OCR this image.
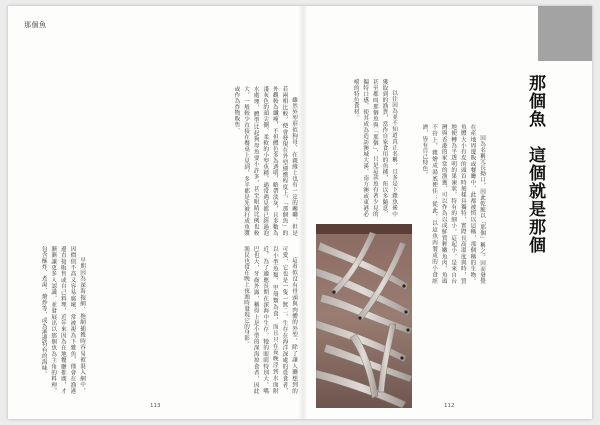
那個魚

雖然外型形似狗母，在親緣上也有一定的關聯，但是若兩相比較，便會發現在外型細緻程度上，「那個魚」的外觀較為纖瘦，不但體色多為透明、略帶淡灰，且多數為淺灰色的頭尖側、柔軟的小型魚種，通常遇見都已經過泡水處理，體型比起狗母魚要小許多，甚至眼睛比例也較大，一般較少直接在餐桌上見到，多半都是先被打成魚漿或作為炸物販售。

這看似沒有骨頭與肉體的外型，除了讓人聯想到的可愛，它也是一隻一無二、生存在海洋深處的覓食者，以小型魚類、甲殼類為食，而且只在夜晚浮到水面附近，為了適應長期在深海中生存，牠的眼睛特別大，嘴巴也大，牙齒外露，稱得上是小型的深海掠食者，因此漁民也常在晚上夜漁時發現它的身影。

早期因為深海拖網、拖網捕獲時容易被混入網中，因價值不高又容易腐壞，常被視為下雜魚，僅會在漁港邊直接販售或自己料理，近年來因為在地餐廳推廣，才漸漸讓更多人認識，並發展出以那個魚為主角的料理，包含酥炸、煮湯、燴炒等，成為港邊特有的海味。

113
那個魚　這個就是那個

因為名稱冗長拗口，因此乾脆以「那個」稱之。因而發覺在產地周邊販或餐廳中，此都被慣以這稱，那個稱的生物。魚體大小有皮的頭首時刻樣具獨特，實際長高溫度與時，質地便轉為半透明的果凍狀，特有的細小。這起小，是來自台灣與香港的家常的漁獲，可以作為以成鮮質輕嫩魚肉，魚頭不管上，雜燴成湯底便佳；從此，以這魚肉製成的小食經濟，皆有自己特色。

以往因為並不知道真正名稱，且多是下雜魚後中獲取到的漁貨，當作自家食用的魚種，所以多隨意，甚至都叫那個魚與「那個」，只是這款魚有著少見的獨特口感，使其成為造訪澳城大溪、南方澳或東港必嚐的特色食材。

112
